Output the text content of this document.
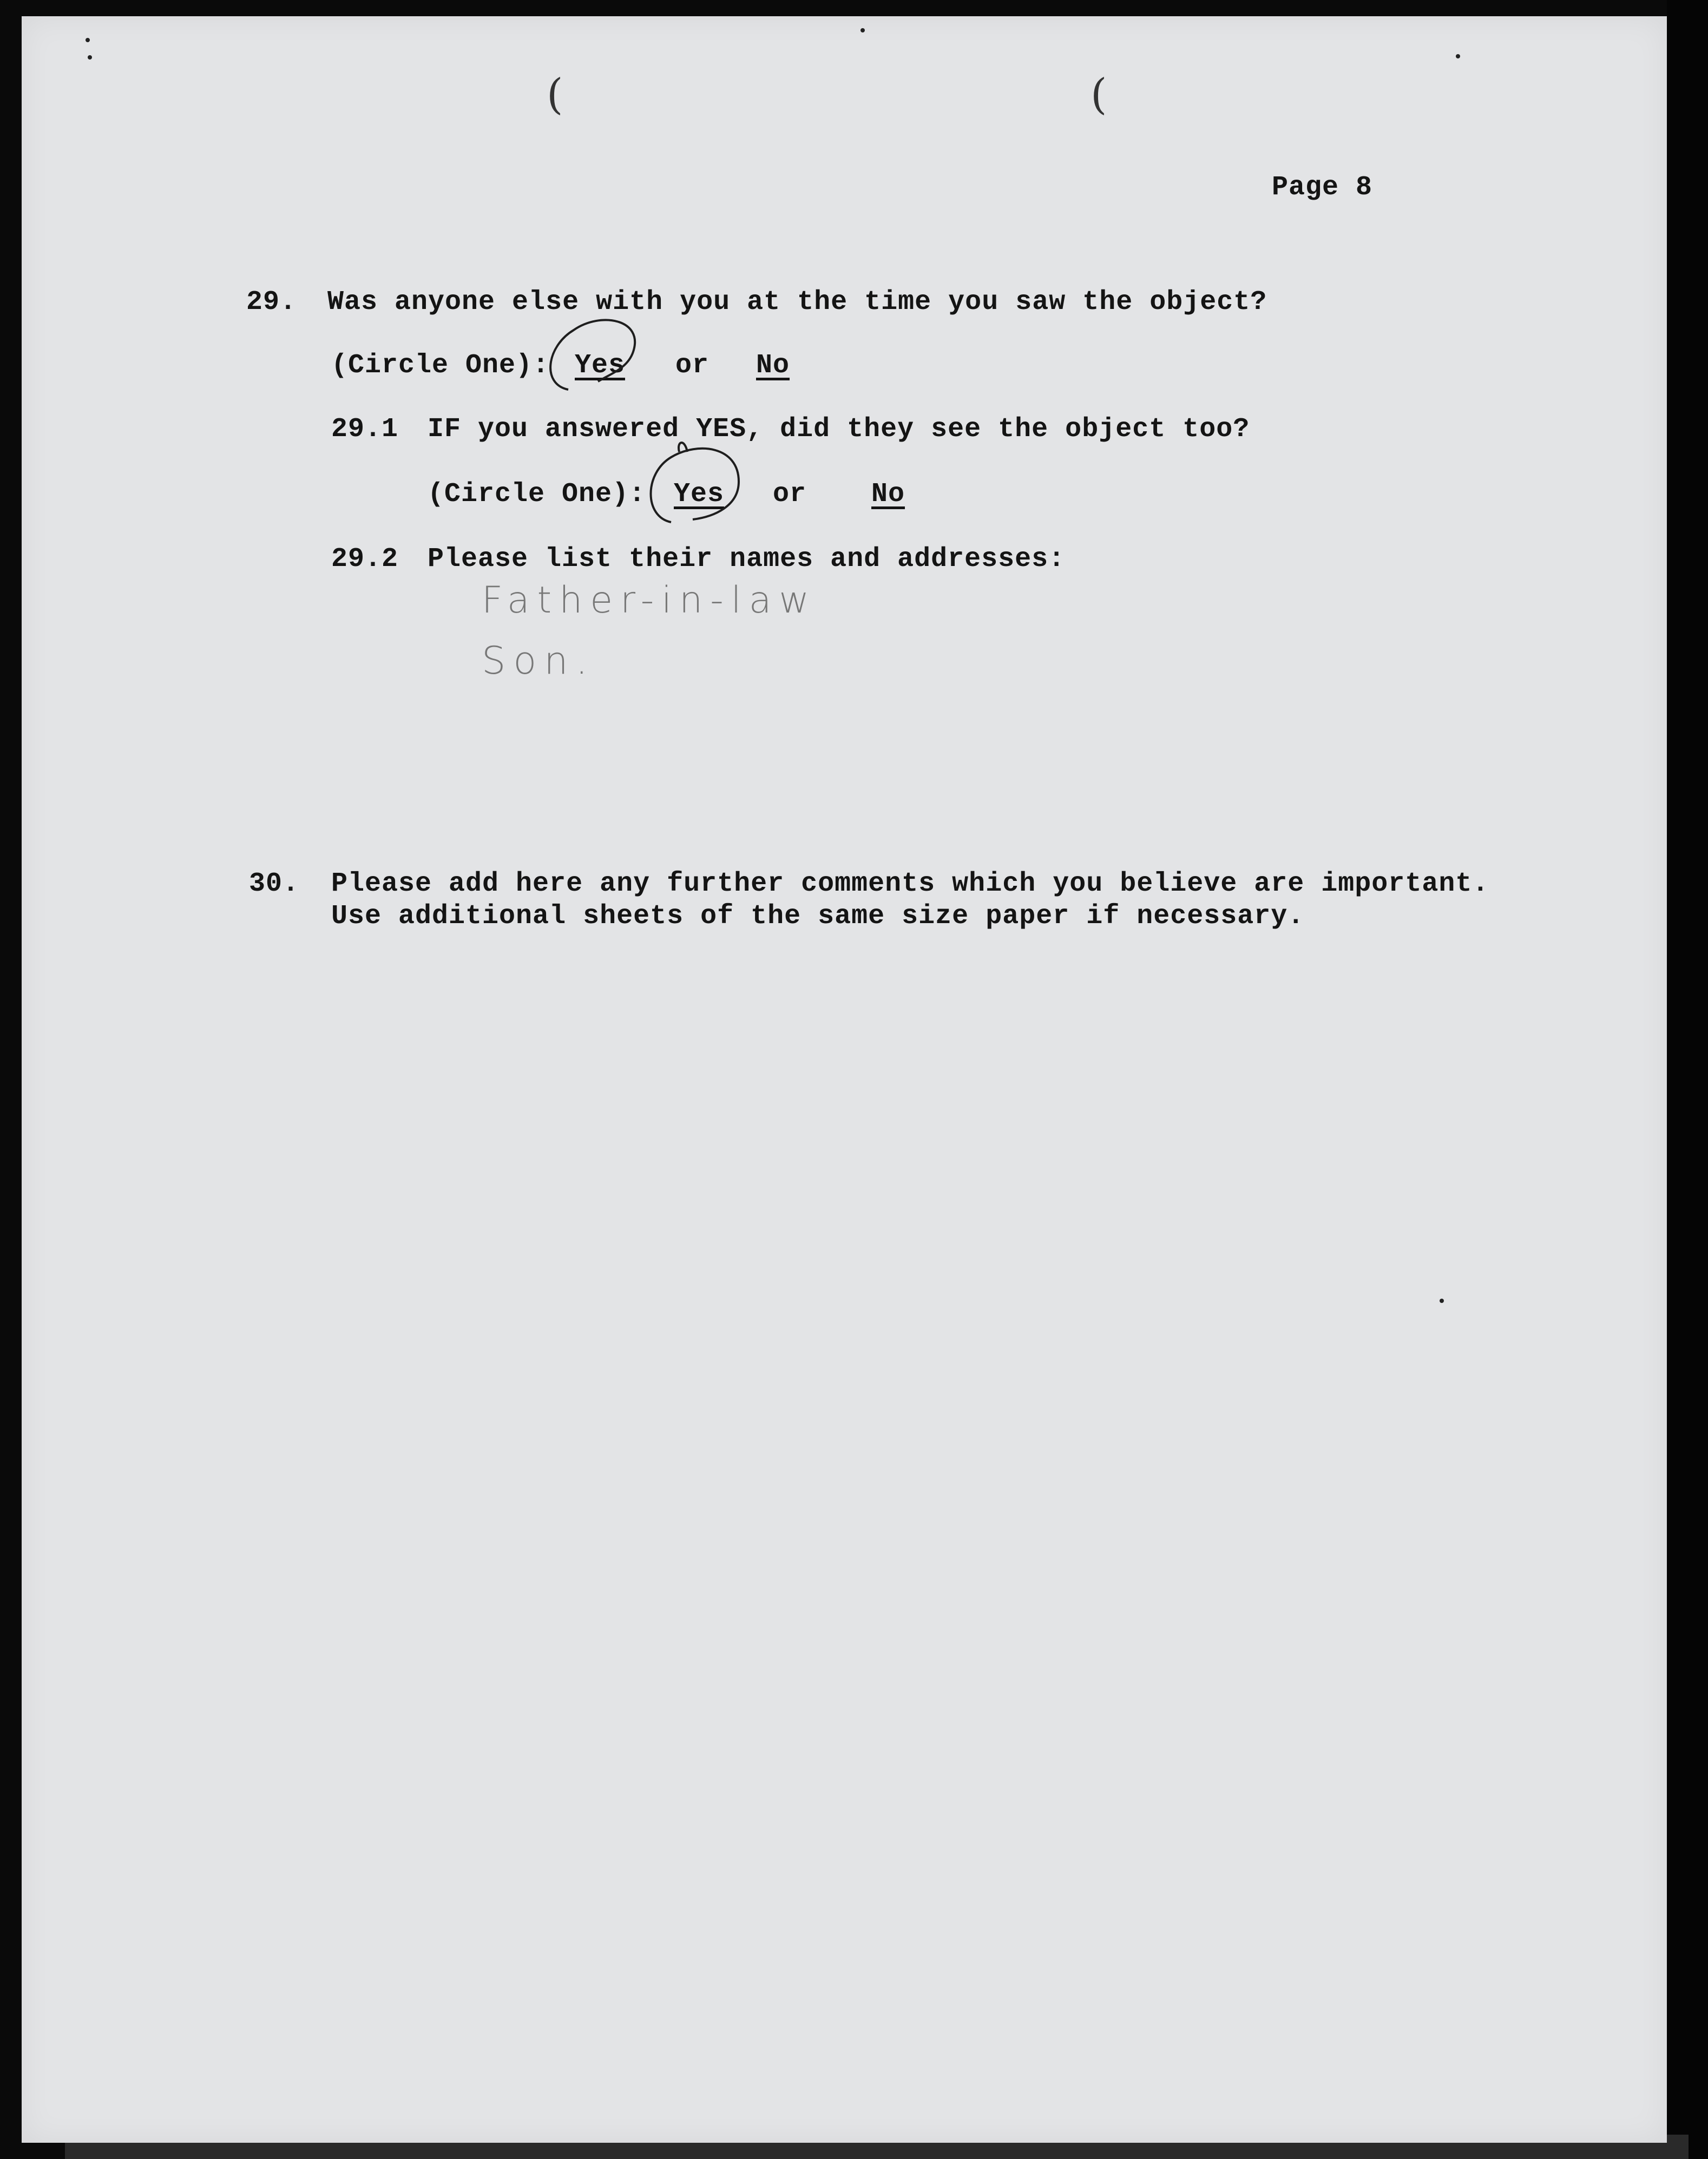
(	(
Page 8
29. Was anyone else with you at the time you saw the object?
(Circle One): Yes or No
29.1 IF you answered YES, did they see the object too?
(Circle One): Yes or No
29.2 Please list their names and addresses:
Father-in-law
Son.
30. Please add here any further comments which you believe are important.
Use additional sheets of the same size paper if necessary.
